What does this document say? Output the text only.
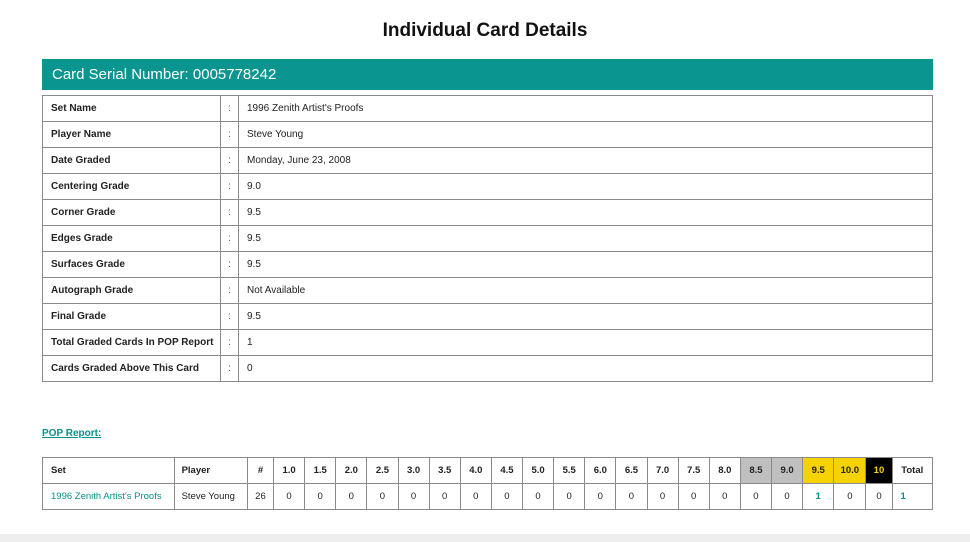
Individual Card Details
Card Serial Number: 0005778242
Set Name	:	1996 Zenith Artist's Proofs
Player Name	:	Steve Young
Date Graded	:	Monday, June 23, 2008
Centering Grade	:	9.0
Corner Grade	:	9.5
Edges Grade	:	9.5
Surfaces Grade	:	9.5
Autograph Grade	:	Not Available
Final Grade	:	9.5
Total Graded Cards In POP Report	:	1
Cards Graded Above This Card	:	0
POP Report:
Set	Player	#	1.0	1.5	2.0	2.5	3.0	3.5	4.0	4.5	5.0	5.5	6.0	6.5	7.0	7.5	8.0	8.5	9.0	9.5	10.0	10	Total
1996 Zenith Artist's Proofs	Steve Young	26	0	0	0	0	0	0	0	0	0	0	0	0	0	0	0	0	0	1	0	0	1
